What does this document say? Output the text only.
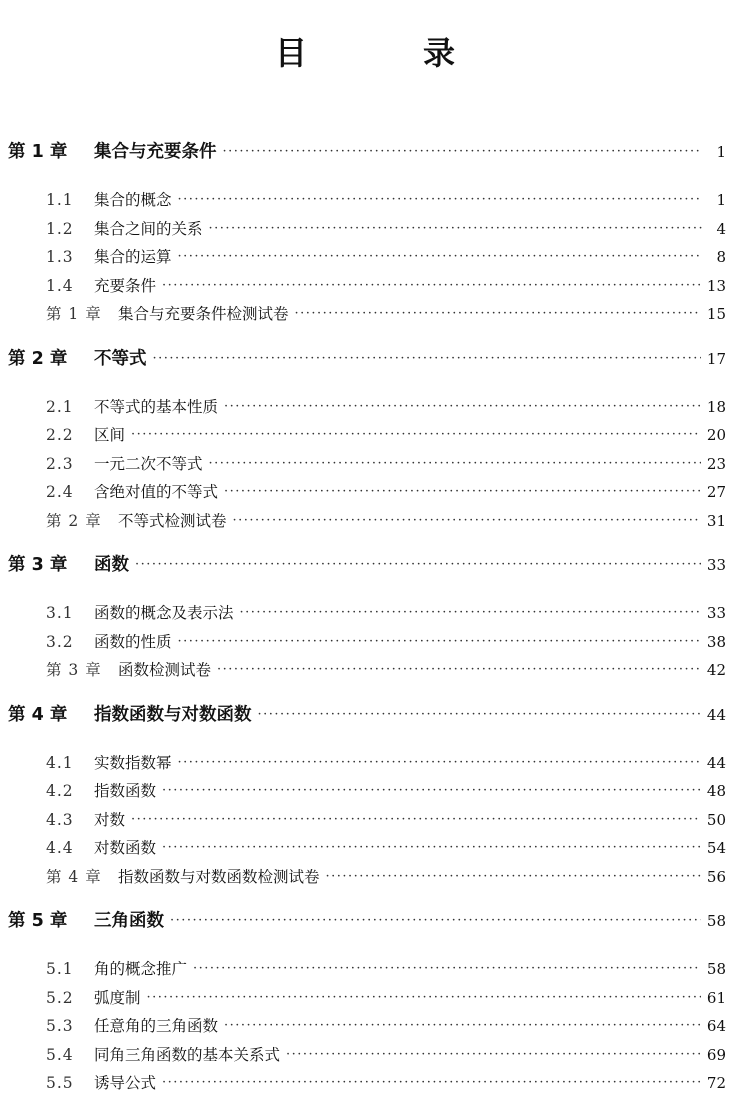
目　录
第 1 章	集合与充要条件 ·····	1
1.1	集合的概念 ·····	1
1.2	集合之间的关系 ·····	4
1.3	集合的运算 ·····	8
1.4	充要条件 ·····	13
第 1 章	集合与充要条件检测试卷 ·····	15
第 2 章	不等式 ·····	17
2.1	不等式的基本性质 ·····	18
2.2	区间 ·····	20
2.3	一元二次不等式 ·····	23
2.4	含绝对值的不等式 ·····	27
第 2 章	不等式检测试卷 ·····	31
第 3 章	函数 ·····	33
3.1	函数的概念及表示法 ·····	33
3.2	函数的性质 ·····	38
第 3 章	函数检测试卷 ·····	42
第 4 章	指数函数与对数函数 ·····	44
4.1	实数指数幂 ·····	44
4.2	指数函数 ·····	48
4.3	对数 ·····	50
4.4	对数函数 ·····	54
第 4 章	指数函数与对数函数检测试卷 ·····	56
第 5 章	三角函数 ·····	58
5.1	角的概念推广 ·····	58
5.2	弧度制 ·····	61
5.3	任意角的三角函数 ·····	64
5.4	同角三角函数的基本关系式 ·····	69
5.5	诱导公式 ·····	72
